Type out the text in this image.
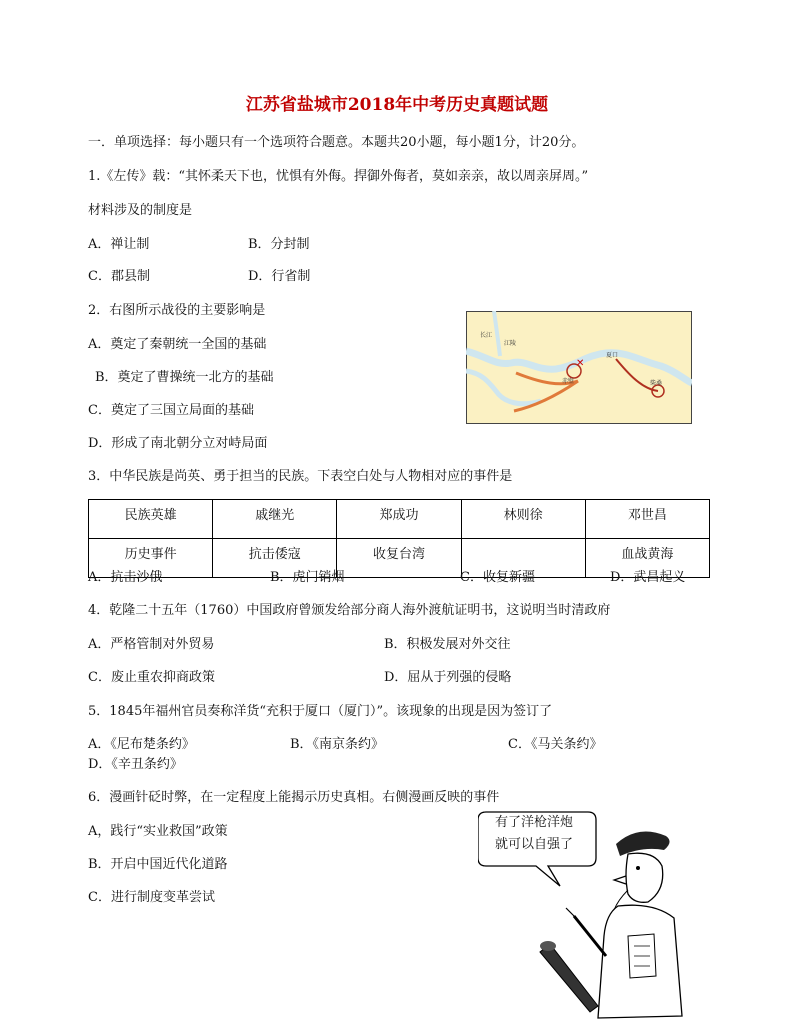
江苏省盐城市2018年中考历史真题试题
一．单项选择：每小题只有一个选项符合题意。本题共20小题，每小题1分，计20分。
1.《左传》载：“其怀柔天下也，忧惧有外侮。捍御外侮者，莫如亲亲，故以周亲屏周。”
材料涉及的制度是
A．禅让制	B．分封制
C．郡县制	D．行省制
2．右图所示战役的主要影响是
A．奠定了秦朝统一全国的基础
B．奠定了曹操统一北方的基础
C．奠定了三国立局面的基础
D．形成了南北朝分立对峙局面
✕
长江
江陵
赤壁
夏口
柴桑
3．中华民族是尚英、勇于担当的民族。下表空白处与人物相对应的事件是
民族英雄	戚继光	郑成功	林则徐	邓世昌
历史事件	抗击倭寇	收复台湾		血战黄海
A．抗击沙俄	B．虎门销烟	C．收复新疆	D．武昌起义
4．乾隆二十五年（1760）中国政府曾颁发给部分商人海外渡航证明书，这说明当时清政府
A．严格管制对外贸易	B．积极发展对外交往
C．废止重农抑商政策	D．屈从于列强的侵略
5．1845年福州官员奏称洋货“充积于厦口（厦门）”。该现象的出现是因为签订了
A．《尼布楚条约》	B．《南京条约》	C．《马关条约》
D．《辛丑条约》
6．漫画针砭时弊，在一定程度上能揭示历史真相。右侧漫画反映的事件
A，践行“实业救国”政策
B．开启中国近代化道路
C．进行制度变革尝试
有了洋枪洋炮
就可以自强了
